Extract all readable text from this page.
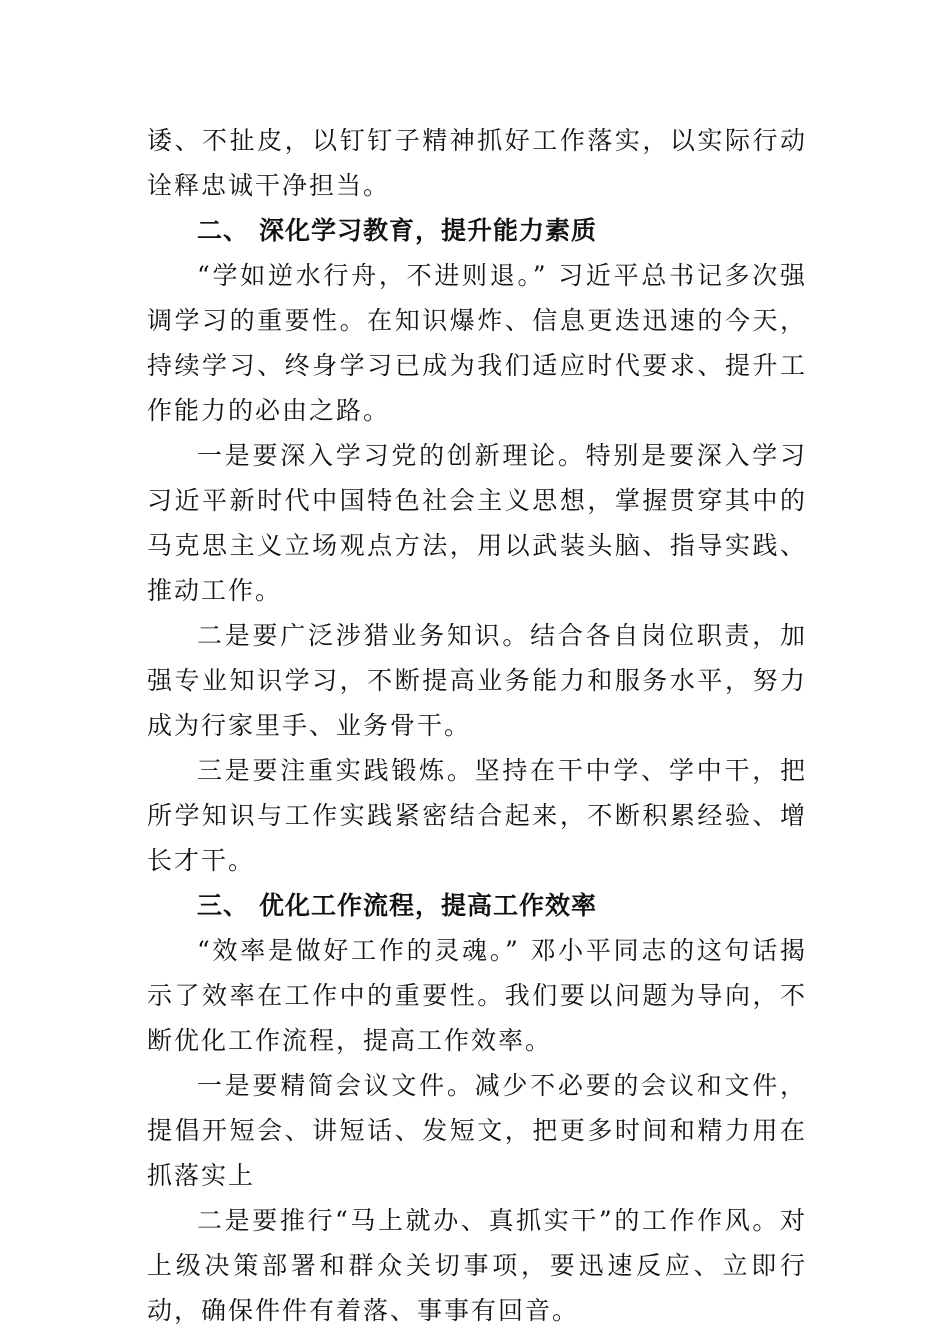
诿、不扯皮，以钉钉子精神抓好工作落实，以实际行动诠释忠诚干净担当。

二、 深化学习教育，提升能力素质

“学如逆水行舟，不进则退。” 习近平总书记多次强调学习的重要性。在知识爆炸、信息更迭迅速的今天，持续学习、终身学习已成为我们适应时代要求、提升工作能力的必由之路。

一是要深入学习党的创新理论。特别是要深入学习习近平新时代中国特色社会主义思想，掌握贯穿其中的马克思主义立场观点方法，用以武装头脑、指导实践、推动工作。

二是要广泛涉猎业务知识。结合各自岗位职责，加强专业知识学习，不断提高业务能力和服务水平，努力成为行家里手、业务骨干。

三是要注重实践锻炼。坚持在干中学、学中干，把所学知识与工作实践紧密结合起来，不断积累经验、增长才干。

三、 优化工作流程，提高工作效率

“效率是做好工作的灵魂。” 邓小平同志的这句话揭示了效率在工作中的重要性。我们要以问题为导向，不断优化工作流程，提高工作效率。

一是要精简会议文件。减少不必要的会议和文件，提倡开短会、讲短话、发短文，把更多时间和精力用在抓落实上

二是要推行“马上就办、真抓实干”的工作作风。对上级决策部署和群众关切事项，要迅速反应、立即行动，确保件件有着落、事事有回音。
